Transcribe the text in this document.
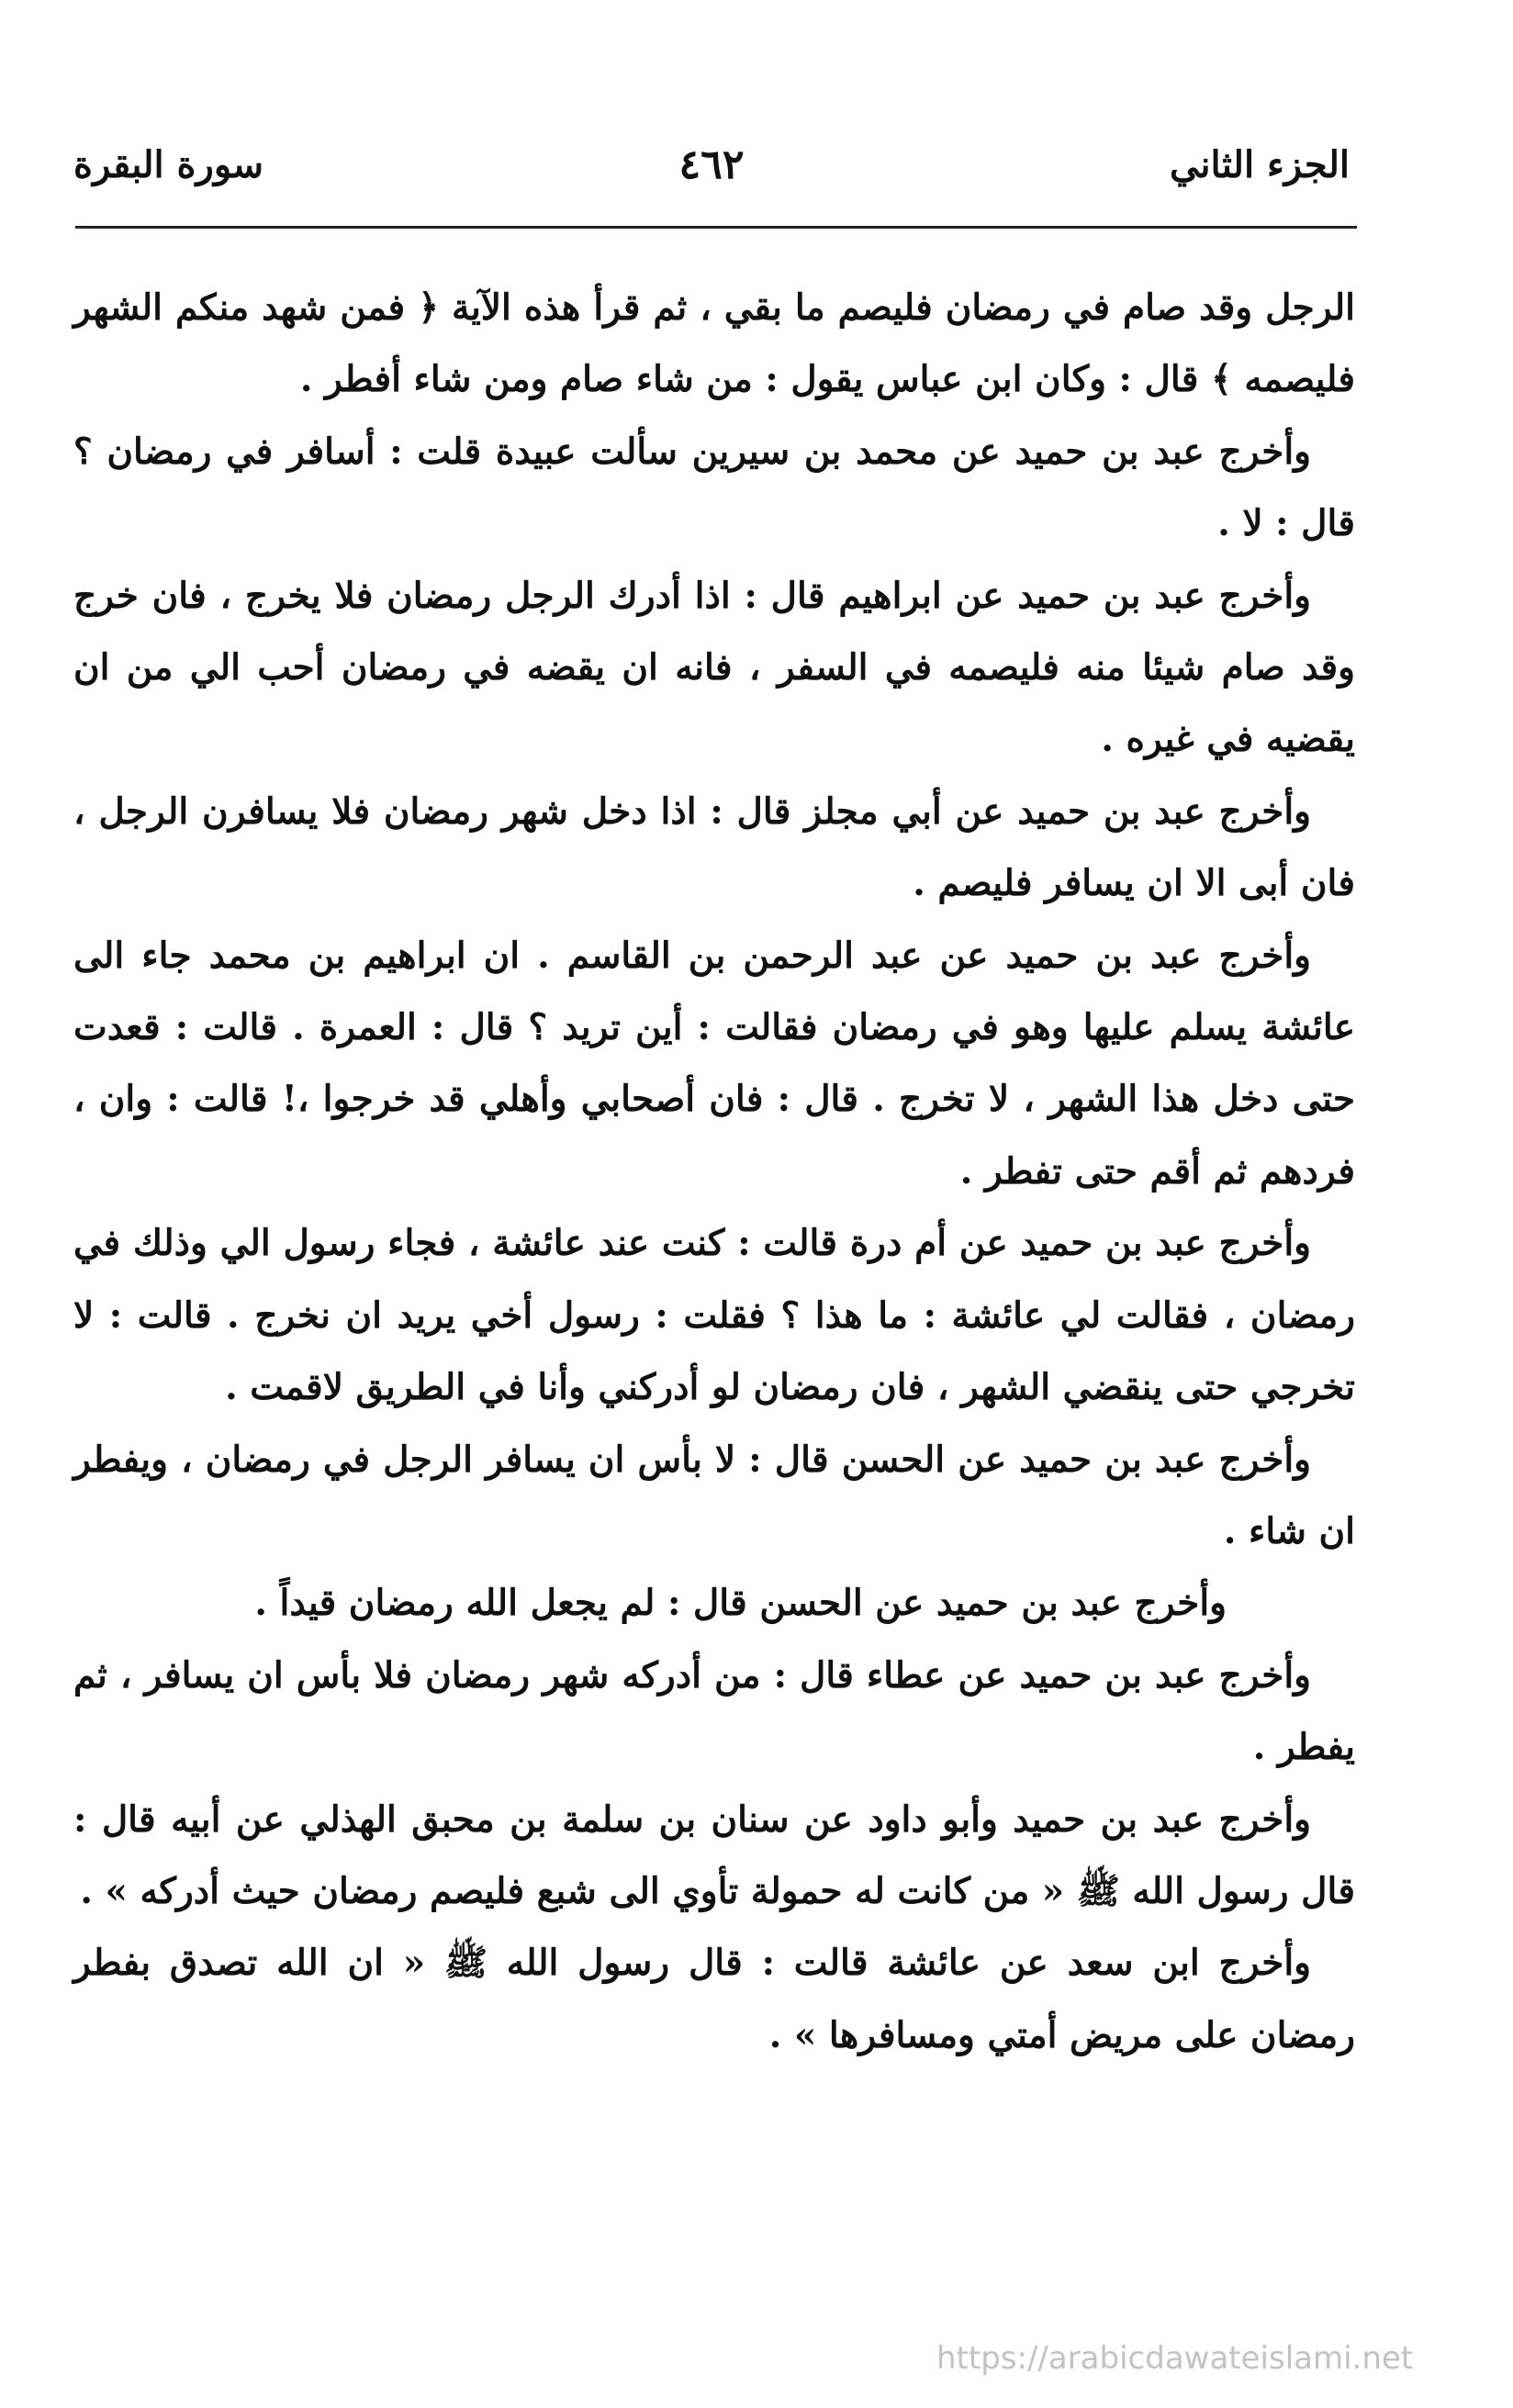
الجزء الثاني
٤٦٢
سورة البقرة

الرجل وقد صام في رمضان فليصم ما بقي ، ثم قرأ هذه الآية ﴿ فمن شهد منكم الشهر فليصمه ﴾ قال : وكان ابن عباس يقول : من شاء صام ومن شاء أفطر .

وأخرج عبد بن حميد عن محمد بن سيرين سألت عبيدة قلت : أسافر في رمضان ؟ قال : لا .

وأخرج عبد بن حميد عن ابراهيم قال : اذا أدرك الرجل رمضان فلا يخرج ، فان خرج وقد صام شيئا منه فليصمه في السفر ، فانه ان يقضه في رمضان أحب الي من ان يقضيه في غيره .

وأخرج عبد بن حميد عن أبي مجلز قال : اذا دخل شهر رمضان فلا يسافرن الرجل ، فان أبى الا ان يسافر فليصم .

وأخرج عبد بن حميد عن عبد الرحمن بن القاسم . ان ابراهيم بن محمد جاء الى عائشة يسلم عليها وهو في رمضان فقالت : أين تريد ؟ قال : العمرة . قالت : قعدت حتى دخل هذا الشهر ، لا تخرج . قال : فان أصحابي وأهلي قد خرجوا ،! قالت : وان ، فردهم ثم أقم حتى تفطر .

وأخرج عبد بن حميد عن أم درة قالت : كنت عند عائشة ، فجاء رسول الي وذلك في رمضان ، فقالت لي عائشة : ما هذا ؟ فقلت : رسول أخي يريد ان نخرج . قالت : لا تخرجي حتى ينقضي الشهر ، فان رمضان لو أدركني وأنا في الطريق لاقمت .

وأخرج عبد بن حميد عن الحسن قال : لا بأس ان يسافر الرجل في رمضان ، ويفطر ان شاء .

وأخرج عبد بن حميد عن الحسن قال : لم يجعل الله رمضان قيداً .

وأخرج عبد بن حميد عن عطاء قال : من أدركه شهر رمضان فلا بأس ان يسافر ، ثم يفطر .

وأخرج عبد بن حميد وأبو داود عن سنان بن سلمة بن محبق الهذلي عن أبيه قال : قال رسول الله ﷺ « من كانت له حمولة تأوي الى شبع فليصم رمضان حيث أدركه » .

وأخرج ابن سعد عن عائشة قالت : قال رسول الله ﷺ « ان الله تصدق بفطر رمضان على مريض أمتي ومسافرها » .

https://arabicdawateislami.net
